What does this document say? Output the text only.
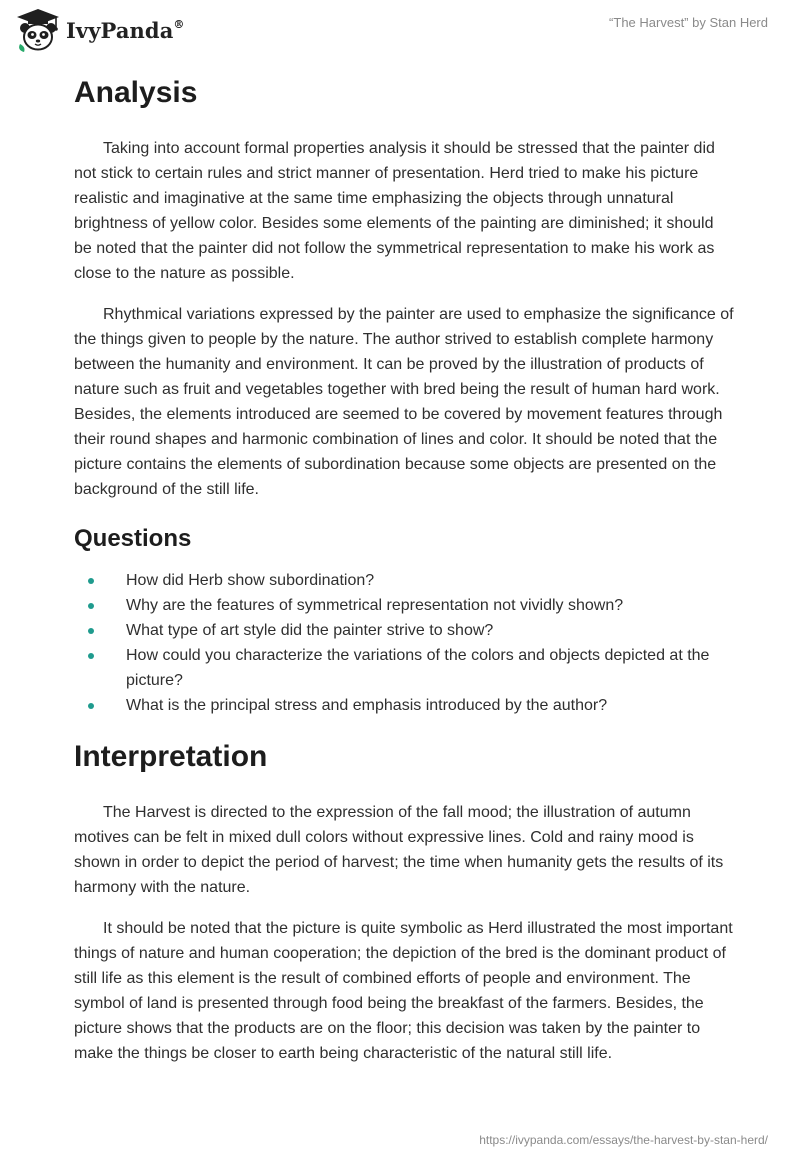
IvyPanda®	“The Harvest” by Stan Herd
Analysis

Taking into account formal properties analysis it should be stressed that the painter did not stick to certain rules and strict manner of presentation. Herd tried to make his picture realistic and imaginative at the same time emphasizing the objects through unnatural brightness of yellow color. Besides some elements of the painting are diminished; it should be noted that the painter did not follow the symmetrical representation to make his work as close to the nature as possible.

Rhythmical variations expressed by the painter are used to emphasize the significance of the things given to people by the nature. The author strived to establish complete harmony between the humanity and environment. It can be proved by the illustration of products of nature such as fruit and vegetables together with bred being the result of human hard work. Besides, the elements introduced are seemed to be covered by movement features through their round shapes and harmonic combination of lines and color. It should be noted that the picture contains the elements of subordination because some objects are presented on the background of the still life.

Questions
How did Herb show subordination?
Why are the features of symmetrical representation not vividly shown?
What type of art style did the painter strive to show?
How could you characterize the variations of the colors and objects depicted at the picture?
What is the principal stress and emphasis introduced by the author?
Interpretation

The Harvest is directed to the expression of the fall mood; the illustration of autumn motives can be felt in mixed dull colors without expressive lines. Cold and rainy mood is shown in order to depict the period of harvest; the time when humanity gets the results of its harmony with the nature.

It should be noted that the picture is quite symbolic as Herd illustrated the most important things of nature and human cooperation; the depiction of the bred is the dominant product of still life as this element is the result of combined efforts of people and environment. The symbol of land is presented through food being the breakfast of the farmers. Besides, the picture shows that the products are on the floor; this decision was taken by the painter to make the things be closer to earth being characteristic of the natural still life.

https://ivypanda.com/essays/the-harvest-by-stan-herd/
